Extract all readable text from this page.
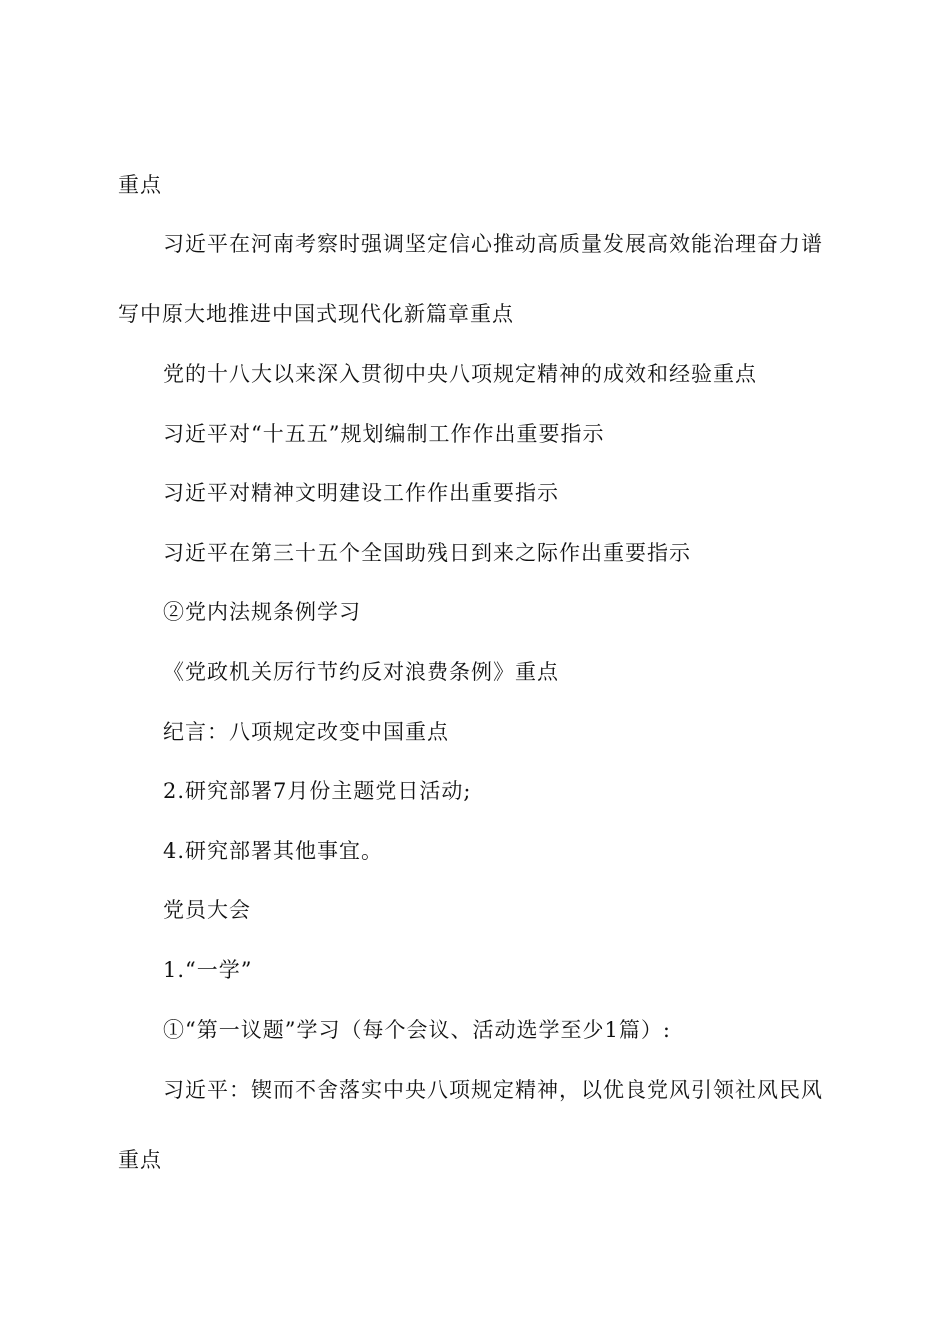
重点
习近平在河南考察时强调坚定信心推动高质量发展高效能治理奋力谱
写中原大地推进中国式现代化新篇章重点
党的十八大以来深入贯彻中央八项规定精神的成效和经验重点
习近平对“十五五”规划编制工作作出重要指示
习近平对精神文明建设工作作出重要指示
习近平在第三十五个全国助残日到来之际作出重要指示
②党内法规条例学习
《党政机关厉行节约反对浪费条例》重点
纪言：八项规定改变中国重点
2.研究部署7月份主题党日活动;
4.研究部署其他事宜。
党员大会
1.“一学”
①“第一议题”学习（每个会议、活动选学至少1篇）:
习近平：锲而不舍落实中央八项规定精神，以优良党风引领社风民风
重点
